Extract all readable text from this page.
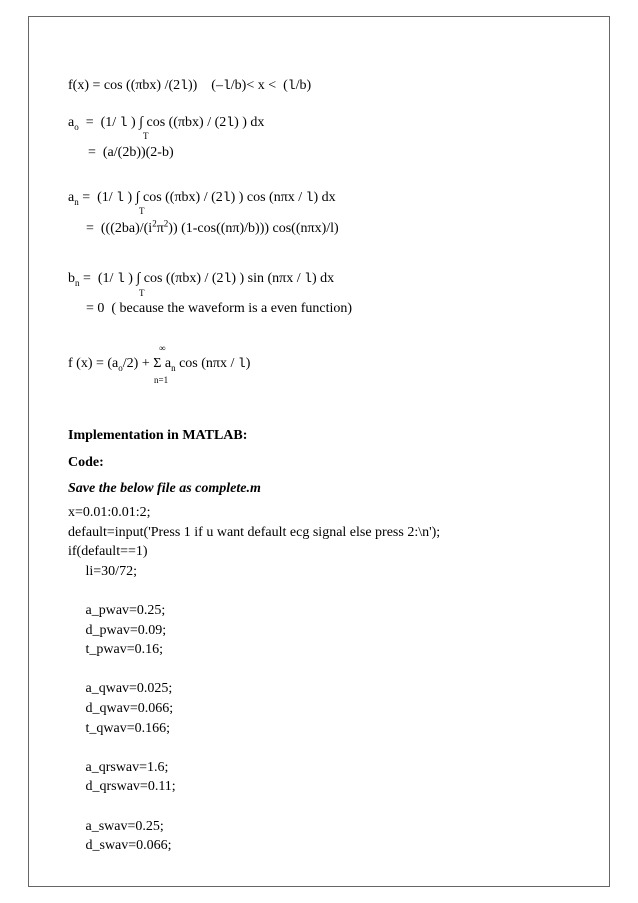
f(x) = cos ((πbx) /(2l))    (–l/b)< x <  (l/b)
$a_o = (1/$ l ) ∫ cos ((πbx) / (2l) ) dx
T
=  (a/(2b))(2-b)
$a_n = (1/$ l ) ∫ cos ((πbx) / (2l) ) cos (nπx / l) dx
T
=  ($((2ba)/(i^2\pi^2))$ (1-cos((nπ)/b))) cos((nπx)/l)
$b_n = (1/$ l ) ∫ cos ((πbx) / (2l) ) sin (nπx / l) dx
T
= 0  ( because the waveform is a even function)
∞
f $(x) = (a_o/2) + \Sigma$ $a_n$ cos (nπx / l)
n=1
Implementation in MATLAB:
Code:
Save the below file as complete.m
x=0.01:0.01:2;
default=input('Press 1 if u want default ecg signal else press 2:\n');
if(default==1)
li=30/72;
a_pwav=0.25;
d_pwav=0.09;
t_pwav=0.16;
a_qwav=0.025;
d_qwav=0.066;
t_qwav=0.166;
a_qrswav=1.6;
d_qrswav=0.11;
a_swav=0.25;
d_swav=0.066;
